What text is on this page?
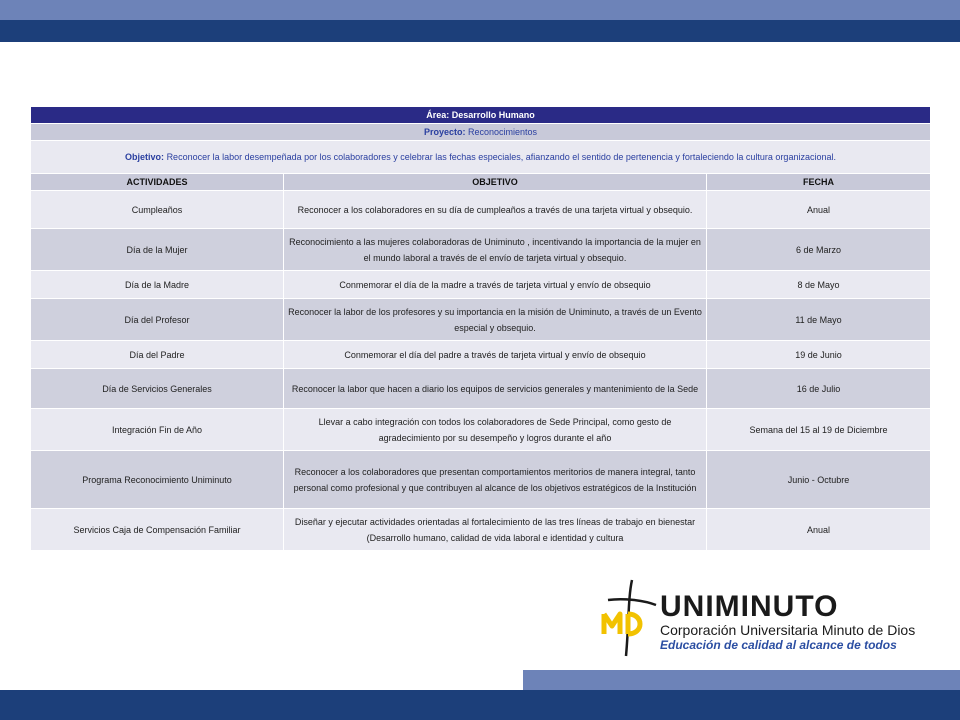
Área: Desarrollo Humano		
Proyecto: Reconocimientos		
Objetivo: Reconocer la labor desempeñada por los colaboradores y celebrar las fechas especiales, afianzando el sentido de pertenencia y fortaleciendo la cultura organizacional.		
ACTIVIDADES	OBJETIVO	FECHA
Cumpleaños	Reconocer a los colaboradores en su día de cumpleaños a través de una tarjeta virtual y obsequio.	Anual
Día de la Mujer	Reconocimiento a las mujeres colaboradoras de Uniminuto , incentivando la importancia de la mujer en el mundo laboral a través de el envío de tarjeta virtual y obsequio.	6 de Marzo
Día de la Madre	Conmemorar el día de la madre a través de tarjeta virtual y envío de obsequio	8 de Mayo
Día del Profesor	Reconocer la labor de los profesores y su importancia en la misión de Uniminuto, a través de un Evento especial y obsequio.	11 de Mayo
Día del Padre	Conmemorar el día del padre a través de tarjeta virtual y envío de obsequio	19 de Junio
Día de Servicios Generales	Reconocer la labor que hacen a diario los equipos de servicios generales y mantenimiento de la Sede	16 de Julio
Integración Fin de Año	Llevar a cabo integración con todos los colaboradores de Sede Principal, como gesto de agradecimiento por su desempeño y logros durante el año	Semana del 15 al 19 de Diciembre
Programa Reconocimiento Uniminuto	Reconocer a los colaboradores que presentan comportamientos meritorios de manera integral, tanto personal como profesional y que contribuyen al alcance de los objetivos estratégicos de la Institución	Junio - Octubre
Servicios Caja de Compensación Familiar	Diseñar y ejecutar actividades orientadas al fortalecimiento de las tres líneas de trabajo en bienestar (Desarrollo humano, calidad de vida laboral e identidad y cultura	Anual
MD
UNIMINUTO
Corporación Universitaria Minuto de Dios
Educación de calidad al alcance de todos
